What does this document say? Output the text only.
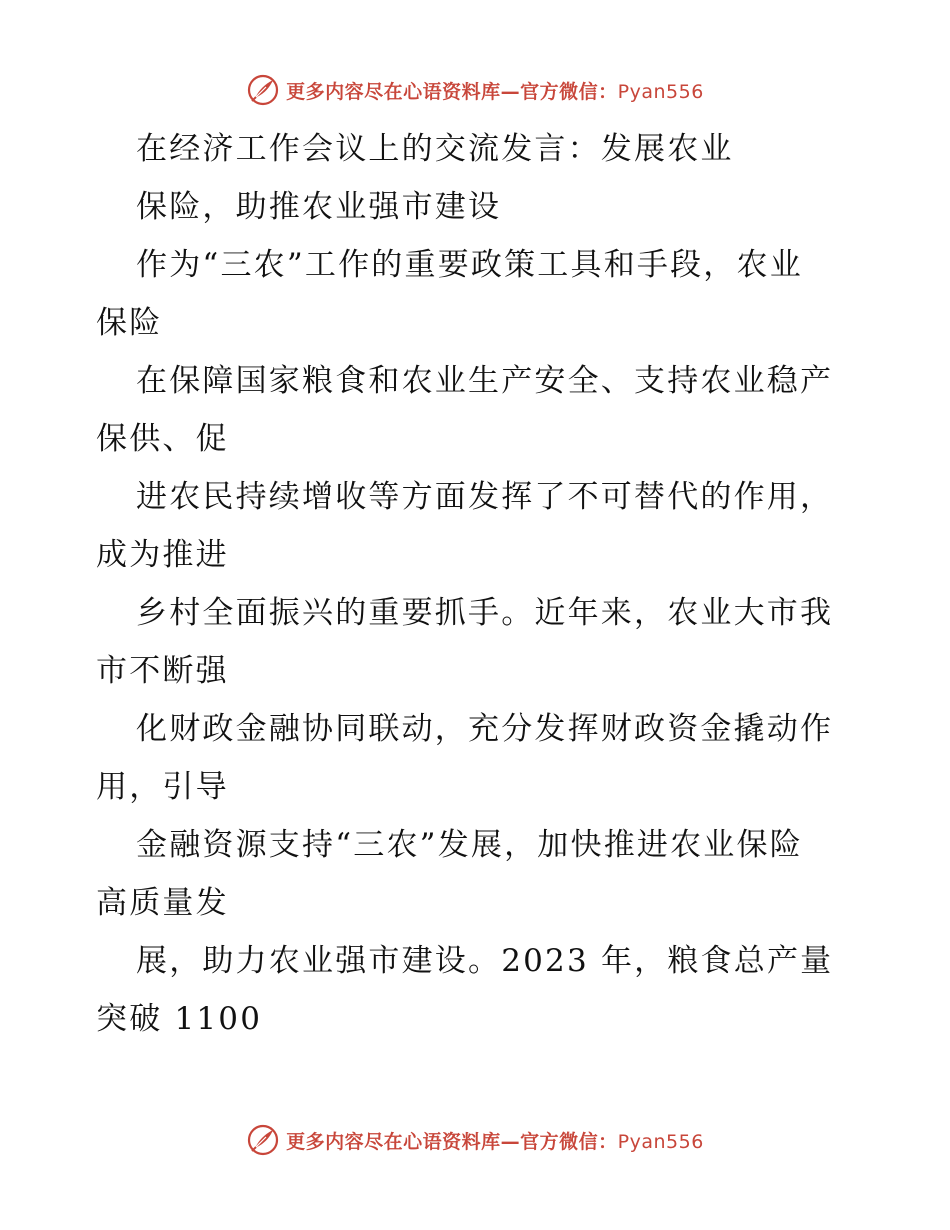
更多内容尽在心语资料库—官方微信：Pyan556
在经济工作会议上的交流发言：发展农业
保险，助推农业强市建设
作为“三农”工作的重要政策工具和手段，农业
保险
在保障国家粮食和农业生产安全、支持农业稳产
保供、促
进农民持续增收等方面发挥了不可替代的作用，
成为推进
乡村全面振兴的重要抓手。近年来，农业大市我
市不断强
化财政金融协同联动，充分发挥财政资金撬动作
用，引导
金融资源支持“三农”发展，加快推进农业保险
高质量发
展，助力农业强市建设。2023 年，粮食总产量
突破 1100
更多内容尽在心语资料库—官方微信：Pyan556
